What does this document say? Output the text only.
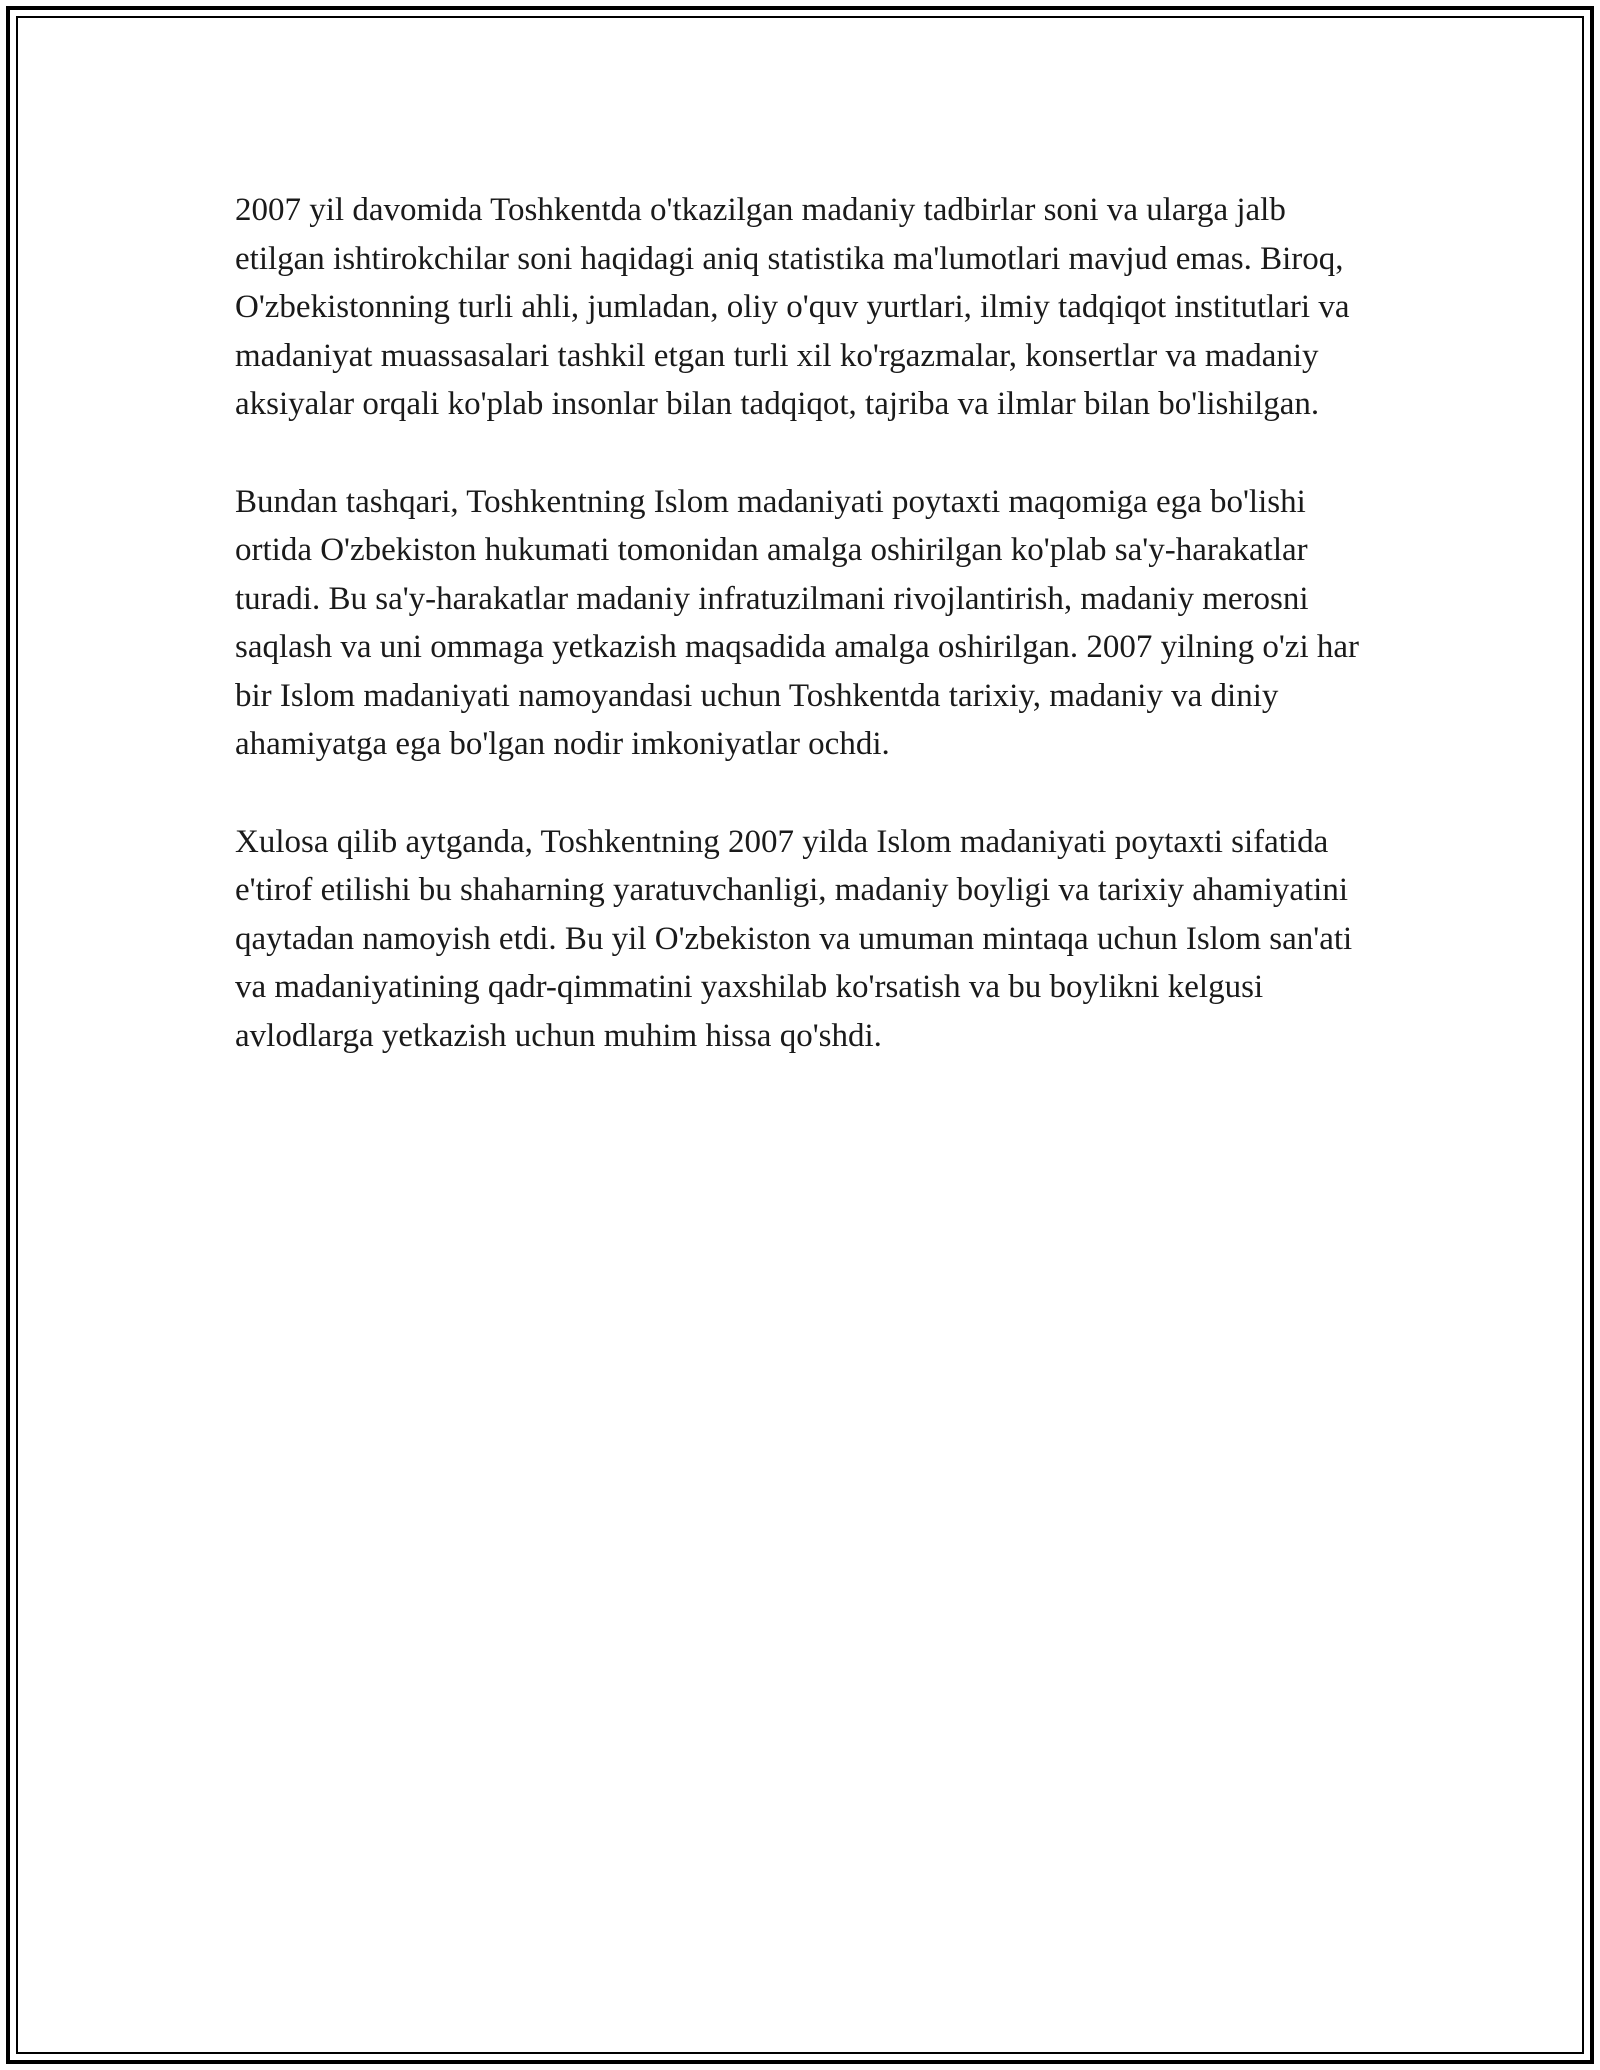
2007 yil davomida Toshkentda o'tkazilgan madaniy tadbirlar soni va ularga jalb etilgan ishtirokchilar soni haqidagi aniq statistika ma'lumotlari mavjud emas. Biroq, O'zbekistonning turli ahli, jumladan, oliy o'quv yurtlari, ilmiy tadqiqot institutlari va madaniyat muassasalari tashkil etgan turli xil ko'rgazmalar, konsertlar va madaniy aksiyalar orqali ko'plab insonlar bilan tadqiqot, tajriba va ilmlar bilan bo'lishilgan.

Bundan tashqari, Toshkentning Islom madaniyati poytaxti maqomiga ega bo'lishi ortida O'zbekiston hukumati tomonidan amalga oshirilgan ko'plab sa'y-harakatlar turadi. Bu sa'y-harakatlar madaniy infratuzilmani rivojlantirish, madaniy merosni saqlash va uni ommaga yetkazish maqsadida amalga oshirilgan. 2007 yilning o'zi har bir Islom madaniyati namoyandasi uchun Toshkentda tarixiy, madaniy va diniy ahamiyatga ega bo'lgan nodir imkoniyatlar ochdi.

Xulosa qilib aytganda, Toshkentning 2007 yilda Islom madaniyati poytaxti sifatida e'tirof etilishi bu shaharning yaratuvchanligi, madaniy boyligi va tarixiy ahamiyatini qaytadan namoyish etdi. Bu yil O'zbekiston va umuman mintaqa uchun Islom san'ati va madaniyatining qadr-qimmatini yaxshilab ko'rsatish va bu boylikni kelgusi avlodlarga yetkazish uchun muhim hissa qo'shdi.
